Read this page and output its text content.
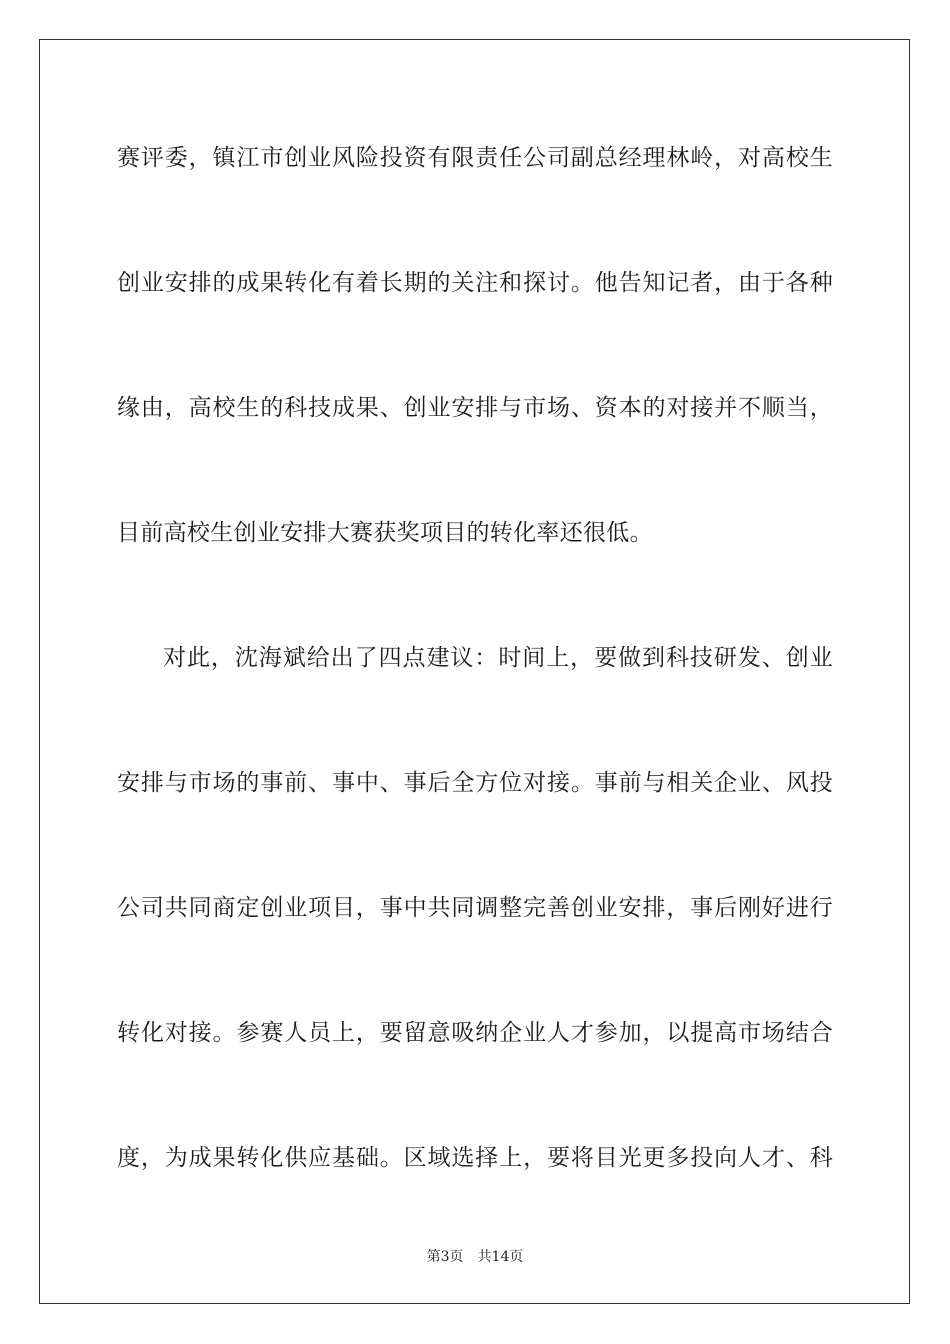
赛评委，镇江市创业风险投资有限责任公司副总经理林岭，对高校生
创业安排的成果转化有着长期的关注和探讨。他告知记者，由于各种
缘由，高校生的科技成果、创业安排与市场、资本的对接并不顺当，
目前高校生创业安排大赛获奖项目的转化率还很低。
对此，沈海斌给出了四点建议：时间上，要做到科技研发、创业
安排与市场的事前、事中、事后全方位对接。事前与相关企业、风投
公司共同商定创业项目，事中共同调整完善创业安排，事后刚好进行
转化对接。参赛人员上，要留意吸纳企业人才参加，以提高市场结合
度，为成果转化供应基础。区域选择上，要将目光更多投向人才、科
第3页 共14页
